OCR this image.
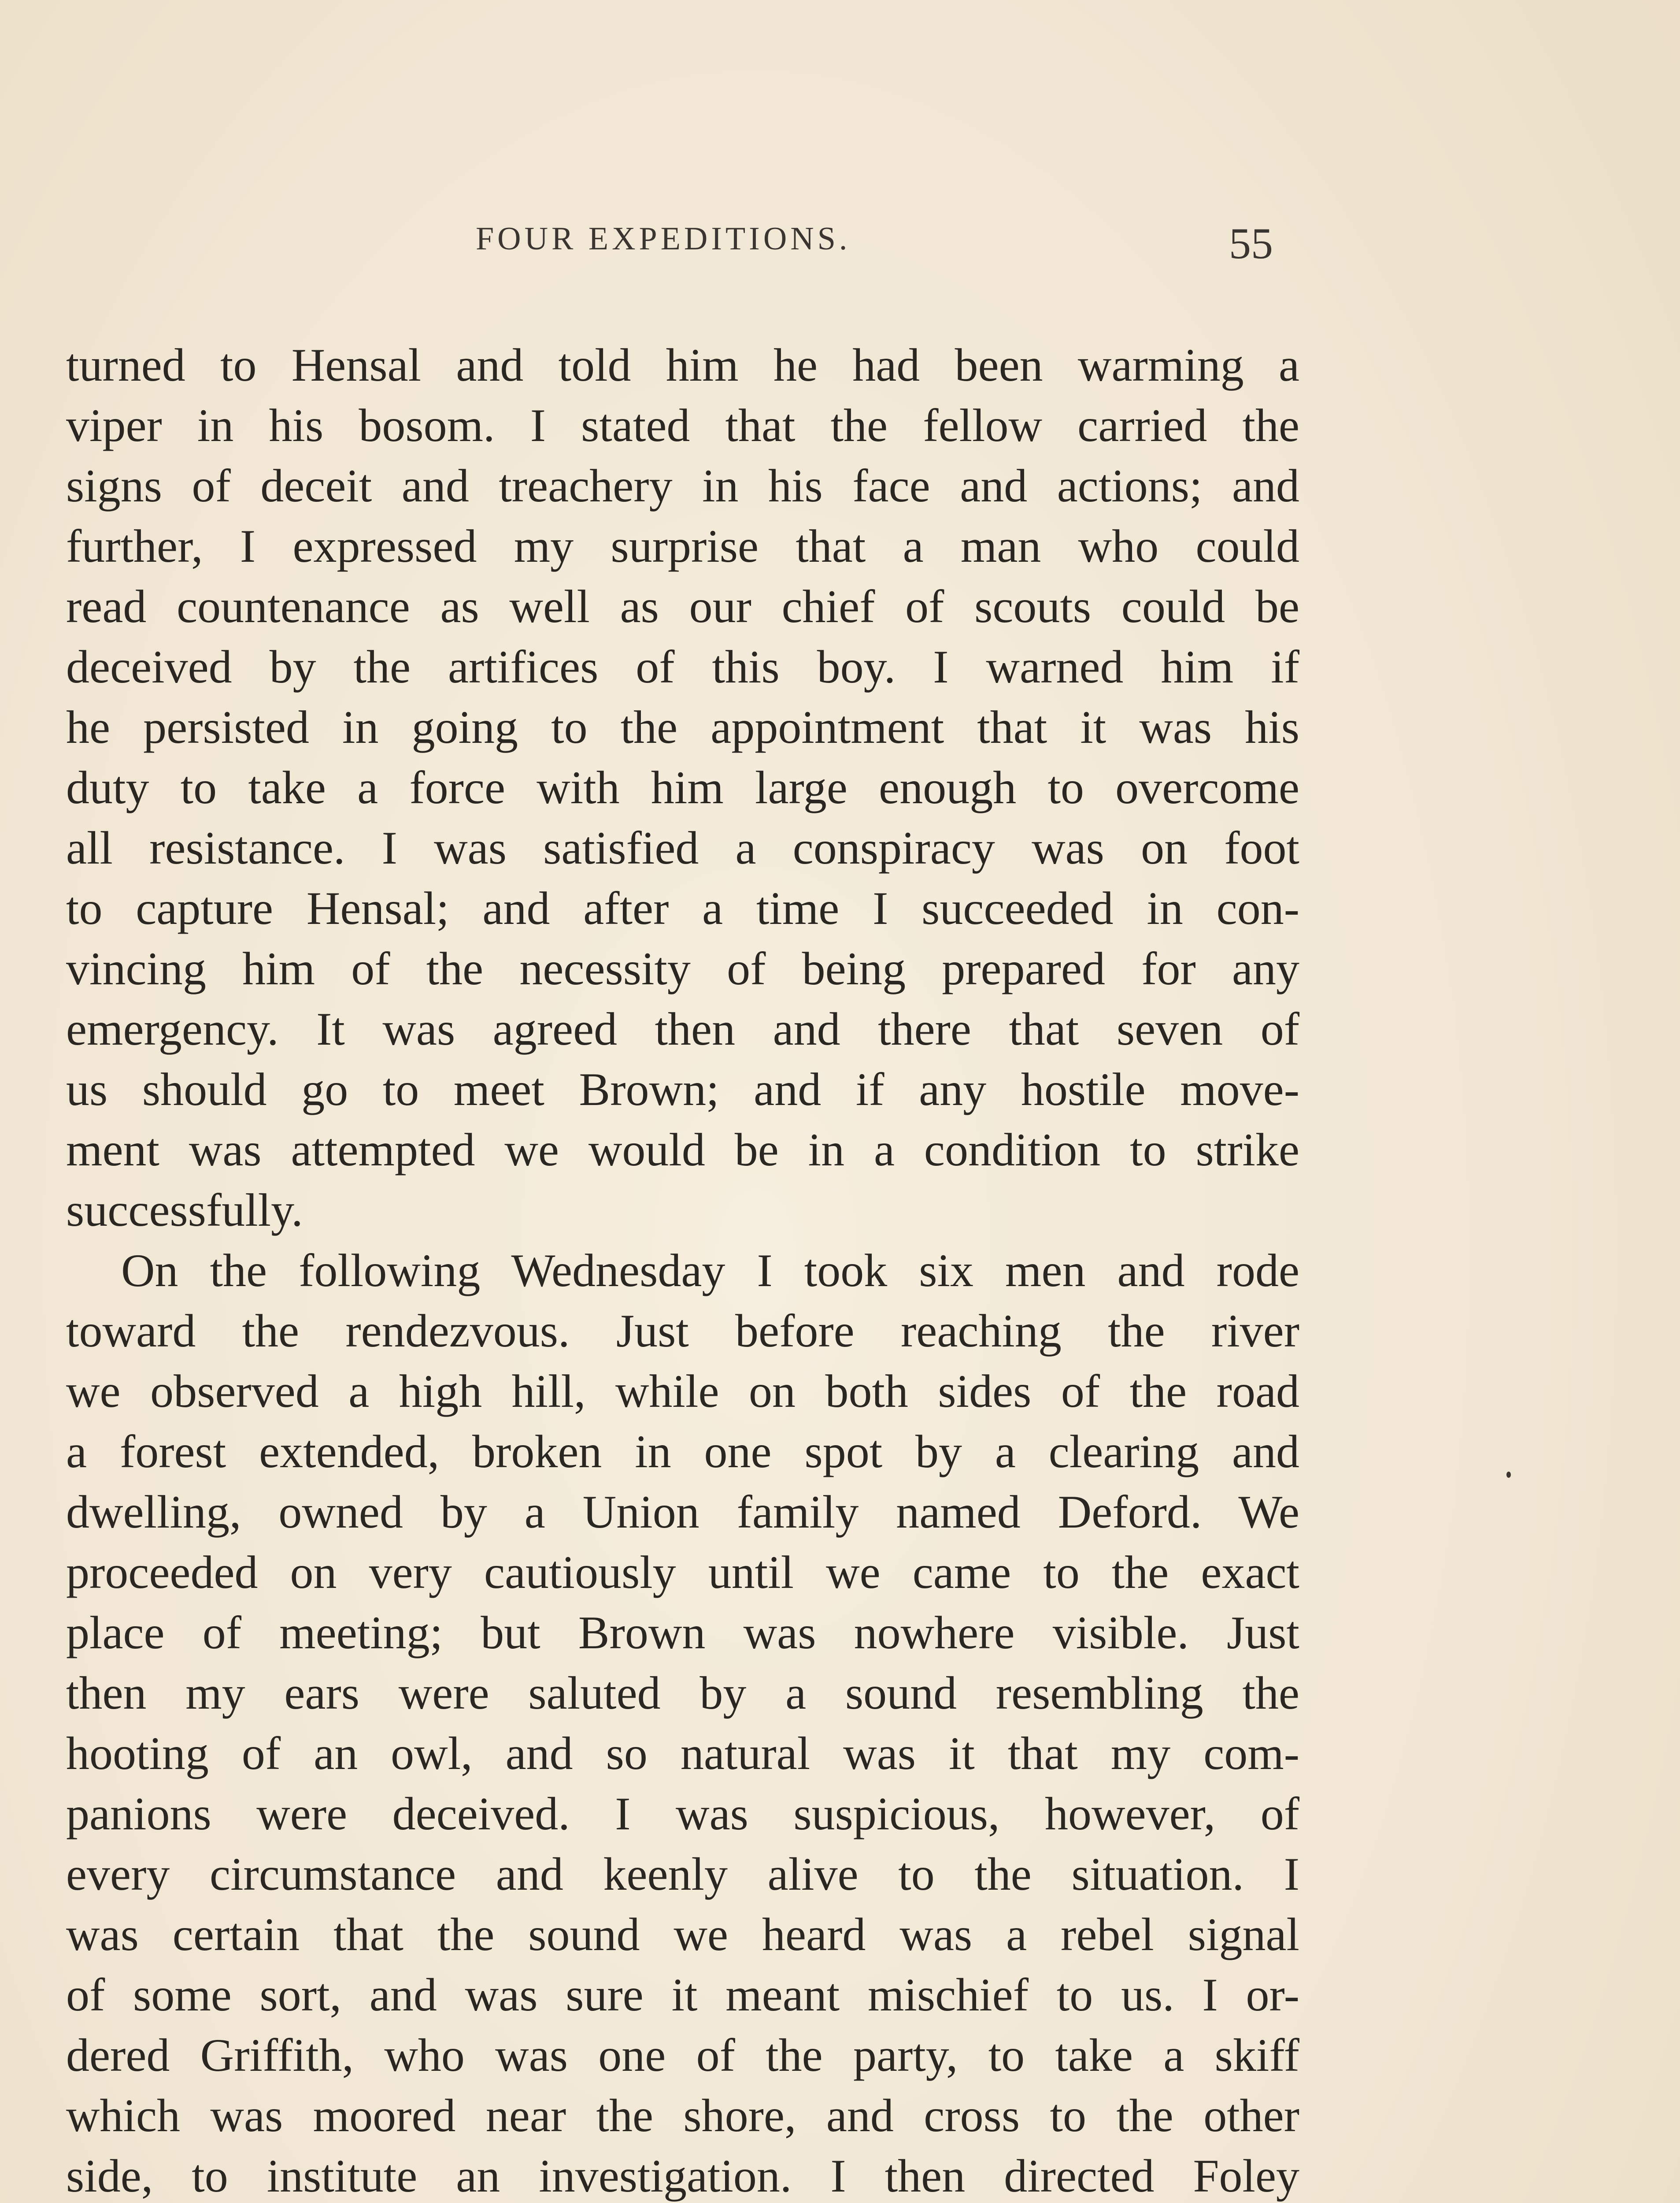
FOUR EXPEDITIONS.	55
turned to Hensal and told him he had been warming a
viper in his bosom. I stated that the fellow carried the
signs of deceit and treachery in his face and actions; and
further, I expressed my surprise that a man who could
read countenance as well as our chief of scouts could be
deceived by the artifices of this boy. I warned him if
he persisted in going to the appointment that it was his
duty to take a force with him large enough to overcome
all resistance. I was satisfied a conspiracy was on foot
to capture Hensal; and after a time I succeeded in con-
vincing him of the necessity of being prepared for any
emergency. It was agreed then and there that seven of
us should go to meet Brown; and if any hostile move-
ment was attempted we would be in a condition to strike
successfully.
On the following Wednesday I took six men and rode
toward the rendezvous. Just before reaching the river
we observed a high hill, while on both sides of the road
a forest extended, broken in one spot by a clearing and
dwelling, owned by a Union family named Deford. We
proceeded on very cautiously until we came to the exact
place of meeting; but Brown was nowhere visible. Just
then my ears were saluted by a sound resembling the
hooting of an owl, and so natural was it that my com-
panions were deceived. I was suspicious, however, of
every circumstance and keenly alive to the situation. I
was certain that the sound we heard was a rebel signal
of some sort, and was sure it meant mischief to us. I or-
dered Griffith, who was one of the party, to take a skiff
which was moored near the shore, and cross to the other
side, to institute an investigation. I then directed Foley
